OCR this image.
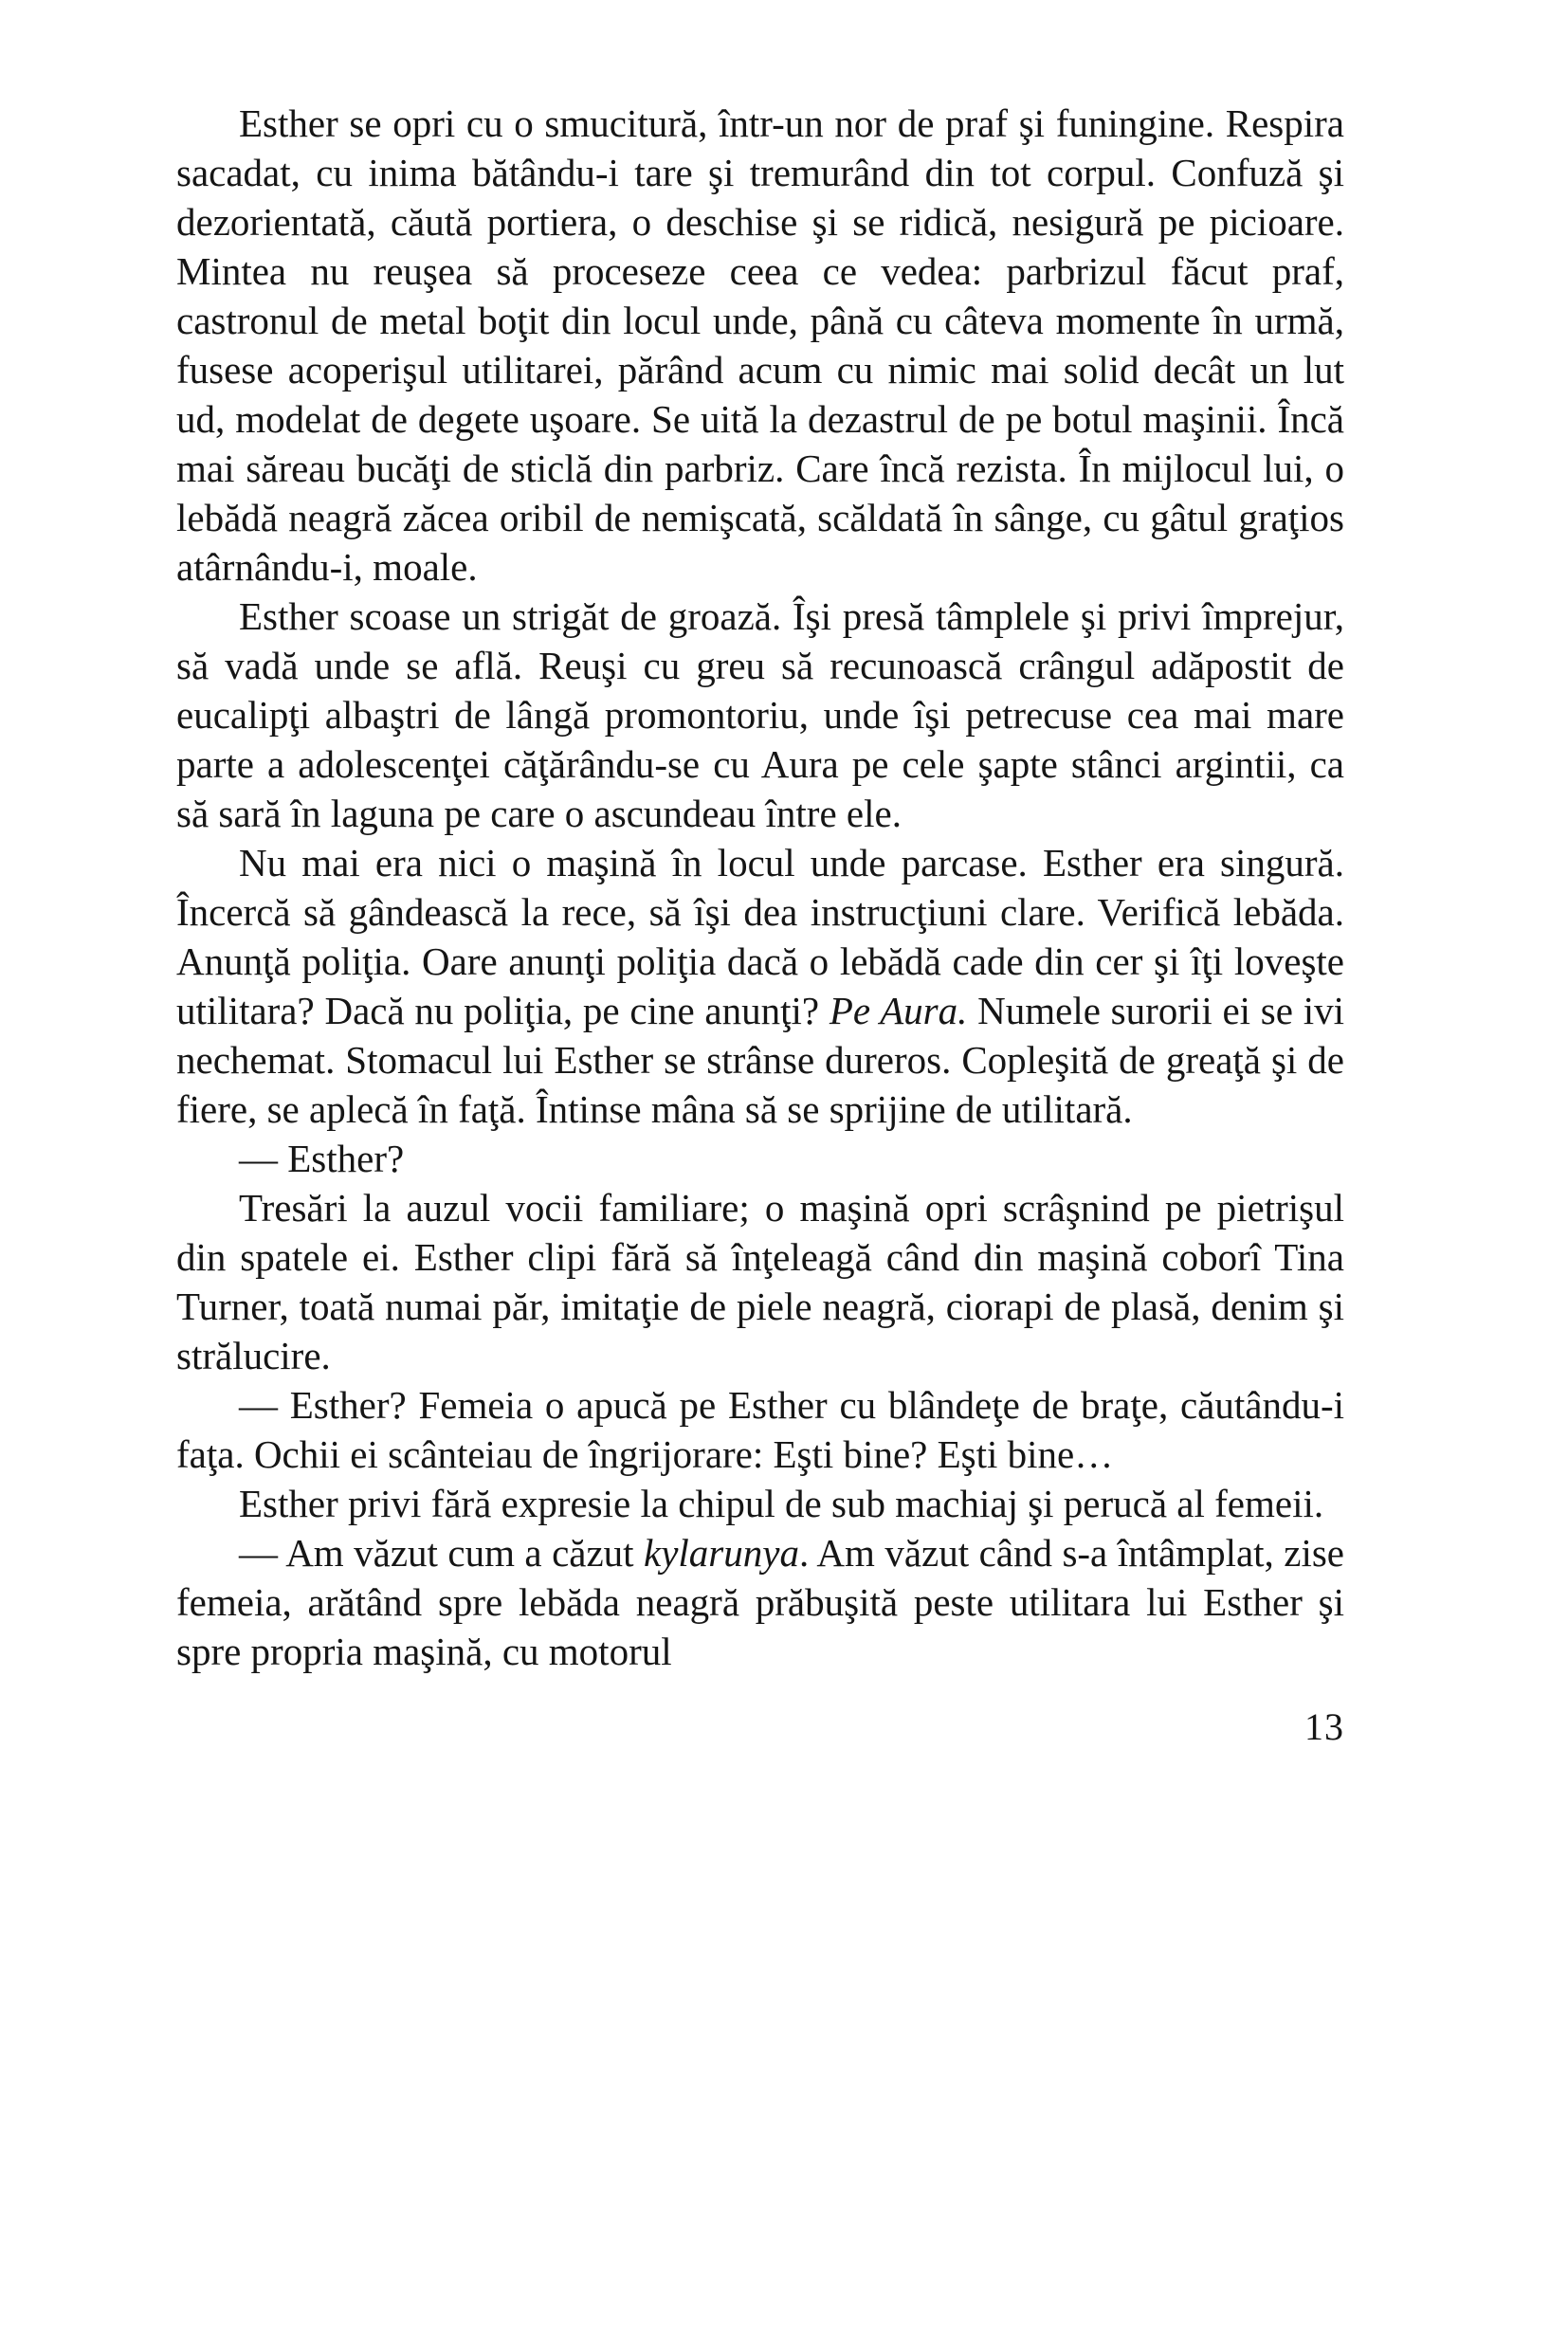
Esther se opri cu o smucitură, într-un nor de praf şi funingine. Respira sacadat, cu inima bătându-i tare şi tremurând din tot corpul. Confuză şi dezorientată, căută portiera, o deschise şi se ridică, nesigură pe picioare. Mintea nu reuşea să proceseze ceea ce vedea: parbrizul făcut praf, castronul de metal boţit din locul unde, până cu câteva momente în urmă, fusese acoperişul utilitarei, părând acum cu nimic mai solid decât un lut ud, modelat de degete uşoare. Se uită la dezastrul de pe botul maşinii. Încă mai săreau bucăţi de sticlă din parbriz. Care încă rezista. În mijlocul lui, o lebădă neagră zăcea oribil de nemişcată, scăldată în sânge, cu gâtul graţios atârnându-i, moale.

Esther scoase un strigăt de groază. Îşi presă tâmplele şi privi împrejur, să vadă unde se află. Reuşi cu greu să recunoască crângul adăpostit de eucalipţi albaştri de lângă promontoriu, unde îşi petrecuse cea mai mare parte a adolescenţei căţărându-se cu Aura pe cele şapte stânci argintii, ca să sară în laguna pe care o ascundeau între ele.

Nu mai era nici o maşină în locul unde parcase. Esther era singură. Încercă să gândească la rece, să îşi dea instrucţiuni clare. Verifică lebăda. Anunţă poliţia. Oare anunţi poliţia dacă o lebădă cade din cer şi îţi loveşte utilitara? Dacă nu poliţia, pe cine anunţi? Pe Aura. Numele surorii ei se ivi nechemat. Stomacul lui Esther se strânse dureros. Copleşită de greaţă şi de fiere, se aplecă în faţă. Întinse mâna să se sprijine de utilitară.

— Esther?

Tresări la auzul vocii familiare; o maşină opri scrâşnind pe pietrişul din spatele ei. Esther clipi fără să înţeleagă când din maşină coborî Tina Turner, toată numai păr, imitaţie de piele neagră, ciorapi de plasă, denim şi strălucire.

— Esther? Femeia o apucă pe Esther cu blândeţe de braţe, căutându-i faţa. Ochii ei scânteiau de îngrijorare: Eşti bine? Eşti bine…

Esther privi fără expresie la chipul de sub machiaj şi perucă al femeii.

— Am văzut cum a căzut kylarunya. Am văzut când s-a întâmplat, zise femeia, arătând spre lebăda neagră prăbuşită peste utilitara lui Esther şi spre propria maşină, cu motorul

13
